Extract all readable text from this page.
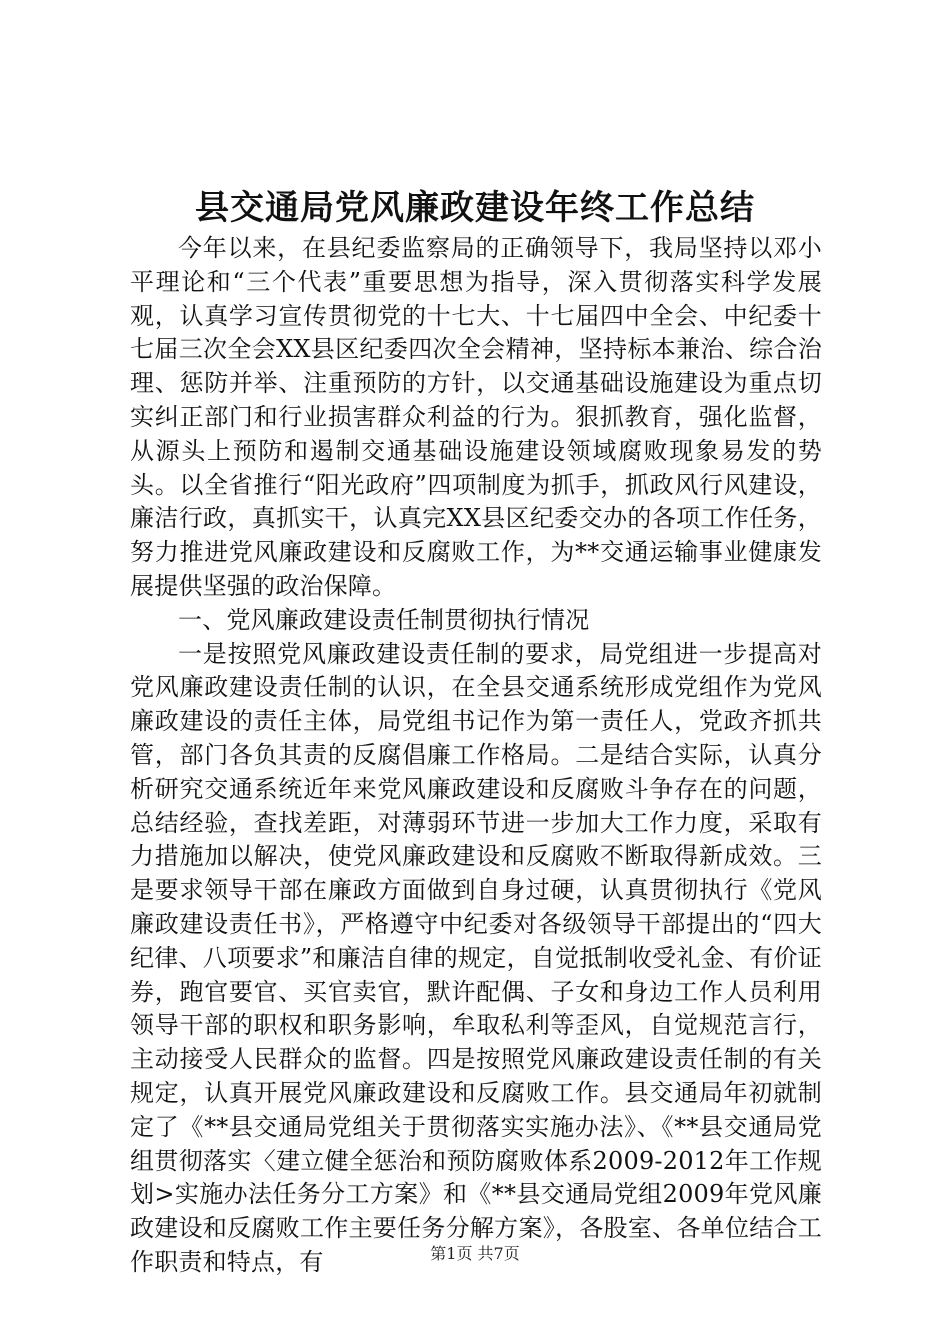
县交通局党风廉政建设年终工作总结

今年以来，在县纪委监察局的正确领导下，我局坚持以邓小平理论和“三个代表”重要思想为指导，深入贯彻落实科学发展观，认真学习宣传贯彻党的十七大、十七届四中全会、中纪委十七届三次全会XX县区纪委四次全会精神，坚持标本兼治、综合治理、惩防并举、注重预防的方针，以交通基础设施建设为重点切实纠正部门和行业损害群众利益的行为。狠抓教育，强化监督，从源头上预防和遏制交通基础设施建设领域腐败现象易发的势头。以全省推行“阳光政府”四项制度为抓手，抓政风行风建设，廉洁行政，真抓实干，认真完XX县区纪委交办的各项工作任务，努力推进党风廉政建设和反腐败工作，为**交通运输事业健康发展提供坚强的政治保障。

一、党风廉政建设责任制贯彻执行情况

一是按照党风廉政建设责任制的要求，局党组进一步提高对党风廉政建设责任制的认识，在全县交通系统形成党组作为党风廉政建设的责任主体，局党组书记作为第一责任人，党政齐抓共管，部门各负其责的反腐倡廉工作格局。二是结合实际，认真分析研究交通系统近年来党风廉政建设和反腐败斗争存在的问题，总结经验，查找差距，对薄弱环节进一步加大工作力度，采取有力措施加以解决，使党风廉政建设和反腐败不断取得新成效。三是要求领导干部在廉政方面做到自身过硬，认真贯彻执行《党风廉政建设责任书》，严格遵守中纪委对各级领导干部提出的“四大纪律、八项要求”和廉洁自律的规定，自觉抵制收受礼金、有价证券，跑官要官、买官卖官，默许配偶、子女和身边工作人员利用领导干部的职权和职务影响，牟取私利等歪风，自觉规范言行，主动接受人民群众的监督。四是按照党风廉政建设责任制的有关规定，认真开展党风廉政建设和反腐败工作。县交通局年初就制定了《**县交通局党组关于贯彻落实实施办法》、《**县交通局党组贯彻落实〈建立健全惩治和预防腐败体系2009-2012年工作规划>实施办法任务分工方案》和《**县交通局党组2009年党风廉政建设和反腐败工作主要任务分解方案》，各股室、各单位结合工作职责和特点，有	第1页 共7页
